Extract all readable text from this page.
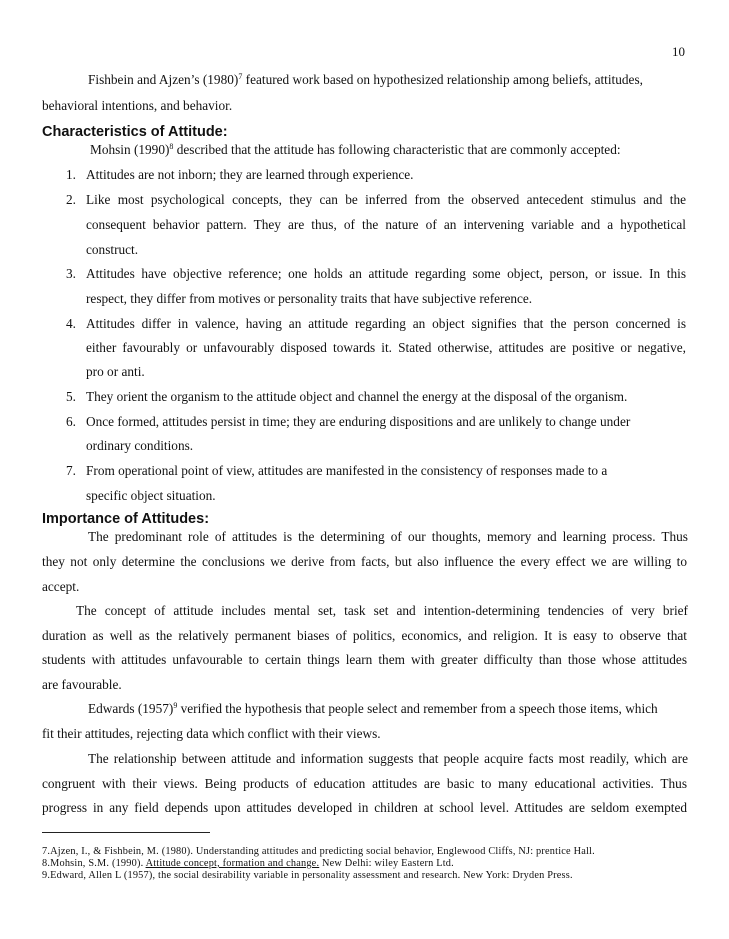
10
Fishbein and Ajzen’s $(1980)^7$ featured work based on hypothesized relationship among beliefs, attitudes,
behavioral intentions, and behavior.
Characteristics of Attitude:
Mohsin $(1990)^8$ described that the attitude has following characteristic that are commonly accepted:
1. Attitudes are not inborn; they are learned through experience.
2. Like most psychological concepts, they can be inferred from the observed antecedent stimulus and the
consequent behavior pattern. They are thus, of the nature of an intervening variable and a hypothetical
construct.
3. Attitudes have objective reference; one holds an attitude regarding some object, person, or issue. In this
respect, they differ from motives or personality traits that have subjective reference.
4. Attitudes differ in valence, having an attitude regarding an object signifies that the person concerned is
either favourably or unfavourably disposed towards it. Stated otherwise, attitudes are positive or negative,
pro or anti.
5. They orient the organism to the attitude object and channel the energy at the disposal of the organism.
6. Once formed, attitudes persist in time; they are enduring dispositions and are unlikely to change under
ordinary conditions.
7. From operational point of view, attitudes are manifested in the consistency of responses made to a
specific object situation.
Importance of Attitudes:
The predominant role of attitudes is the determining of our thoughts, memory and learning process. Thus
they not only determine the conclusions we derive from facts, but also influence the every effect we are willing to
accept.
The concept of attitude includes mental set, task set and intention-determining tendencies of very brief
duration as well as the relatively permanent biases of politics, economics, and religion. It is easy to observe that
students with attitudes unfavourable to certain things learn them with greater difficulty than those whose attitudes
are favourable.
Edwards $(1957)^9$ verified the hypothesis that people select and remember from a speech those items, which
fit their attitudes, rejecting data which conflict with their views.
The relationship between attitude and information suggests that people acquire facts most readily, which are
congruent with their views. Being products of education attitudes are basic to many educational activities. Thus
progress in any field depends upon attitudes developed in children at school level. Attitudes are seldom exempted
7.Ajzen, I., & Fishbein, M. (1980). Understanding attitudes and predicting social behavior, Englewood Cliffs, NJ: prentice Hall.
8.Mohsin, S.M. (1990). Attitude concept, formation and change. New Delhi: wiley Eastern Ltd.
9.Edward, Allen L (1957), the social desirability variable in personality assessment and research. New York: Dryden Press.
